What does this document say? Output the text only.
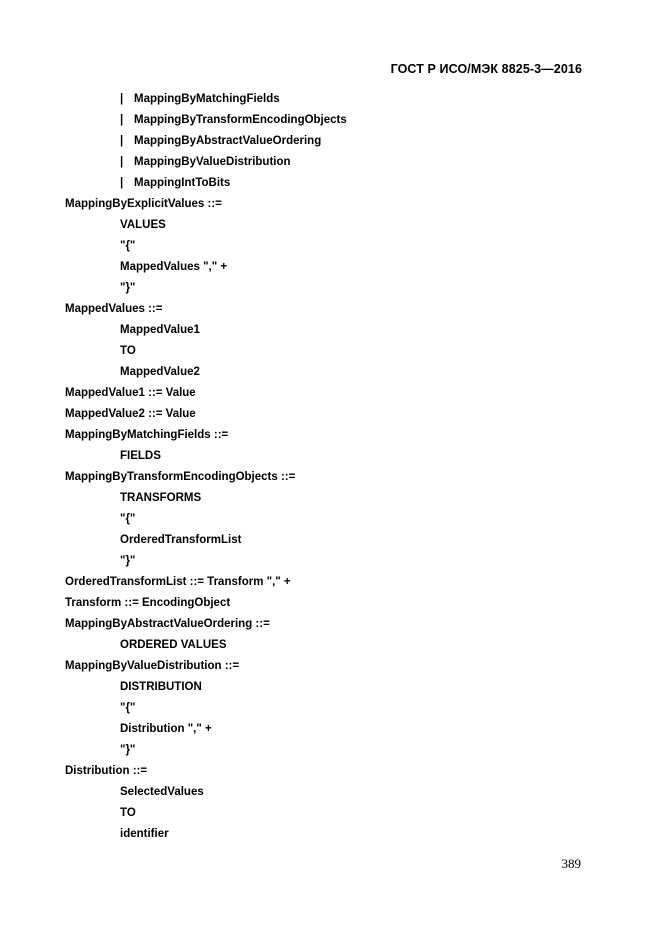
ГОСТ Р ИСО/МЭК 8825-3—2016
| MappingByMatchingFields
| MappingByTransformEncodingObjects
| MappingByAbstractValueOrdering
| MappingByValueDistribution
| MappingIntToBits
MappingByExplicitValues ::=
VALUES
"{"
MappedValues "," +
"}"
MappedValues ::=
MappedValue1
TO
MappedValue2
MappedValue1 ::= Value
MappedValue2 ::= Value
MappingByMatchingFields ::=
FIELDS
MappingByTransformEncodingObjects ::=
TRANSFORMS
"{"
OrderedTransformList
"}"
OrderedTransformList ::= Transform "," +
Transform ::= EncodingObject
MappingByAbstractValueOrdering ::=
ORDERED VALUES
MappingByValueDistribution ::=
DISTRIBUTION
"{"
Distribution "," +
"}"
Distribution ::=
SelectedValues
TO
identifier
389
